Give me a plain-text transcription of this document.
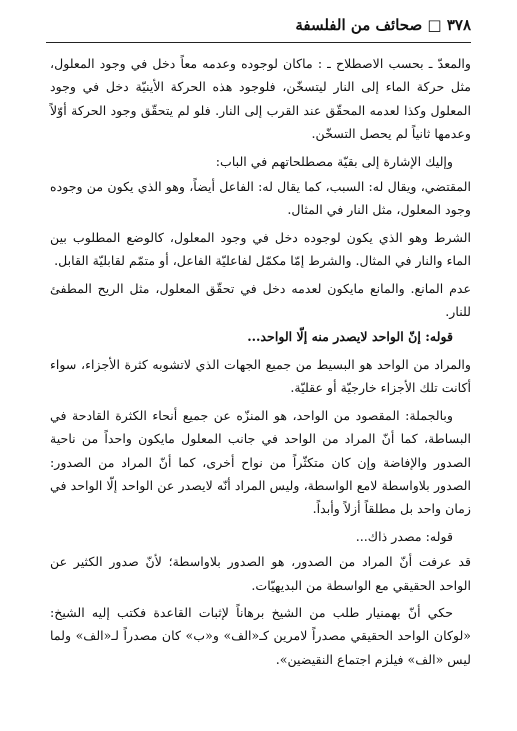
٣٧٨ □ صحائف من الفلسفة

والمعدّ ـ بحسب الاصطلاح ـ : ماكان لوجوده وعدمه معاً دخل في وجود المعلول، مثل حركة الماء إلى النار ليتسخّن، فلوجود هذه الحركة الأينيّة دخل في وجود المعلول وكذا لعدمه المحقّق عند القرب إلى النار. فلو لم يتحقّق وجود الحركة أوّلاً وعدمها ثانياً لم يحصل التسخّن.

وإليك الإشارة إلى بقيّة مصطلحاتهم في الباب:

المقتضي، ويقال له: السبب، كما يقال له: الفاعل أيضاً، وهو الذي يكون من وجوده وجود المعلول، مثل النار في المثال.

الشرط وهو الذي يكون لوجوده دخل في وجود المعلول، كالوضع المطلوب بين الماء والنار في المثال. والشرط إمّا مكمّل لفاعليّة الفاعل، أو متمّم لقابليّة القابل.

عدم المانع. والمانع مايكون لعدمه دخل في تحقّق المعلول، مثل الريح المطفئ للنار.

قوله: إنّ الواحد لايصدر منه إلّا الواحد...

والمراد من الواحد هو البسيط من جميع الجهات الذي لاتشوبه كثرة الأجزاء، سواء أكانت تلك الأجزاء خارجيّة أو عقليّة.

وبالجملة: المقصود من الواحد، هو المنزّه عن جميع أنحاء الكثرة القادحة في البساطة، كما أنّ المراد من الواحد في جانب المعلول مايكون واحداً من ناحية الصدور والإفاضة وإن كان متكثّراً من نواح أخرى، كما أنّ المراد من الصدور: الصدور بلاواسطة لامع الواسطة، وليس المراد أنّه لايصدر عن الواحد إلّا الواحد في زمان واحد بل مطلقاً أزلاً وأبداً.

قوله: مصدر ذاك...

قد عرفت أنّ المراد من الصدور، هو الصدور بلاواسطة؛ لأنّ صدور الكثير عن الواحد الحقيقي مع الواسطة من البديهيّات.

حكي أنّ بهمنيار طلب من الشيخ برهاناً لإثبات القاعدة فكتب إليه الشيخ: «لوكان الواحد الحقيقي مصدراً لامرين كـ«الف» و«ب» كان مصدراً لـ«الف» ولما ليس «الف» فيلزم اجتماع النقيضين».
